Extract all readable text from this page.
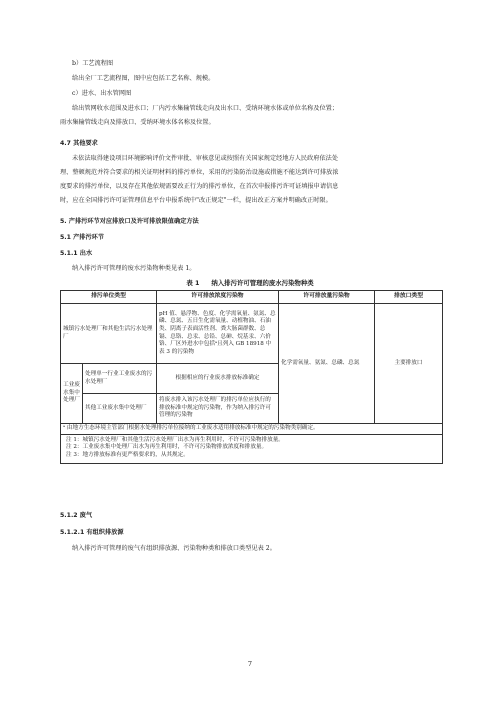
b）工艺流程图
给出全厂工艺流程图，图中应包括工艺名称、规模。
c）进水、出水管网图
给出管网收水范围及进水口；厂内污水集输管线走向及出水口、受纳环境水体或单位名称及位置；
雨水集输管线走向及排放口、受纳环境水体名称及位置。
4.7 其他要求
未依法取得建设项目环境影响评价文件审批、审核意见或按照有关国家规定经地方人民政府依法处
理、整顿规范并符合要求的相关证明材料的排污单位，采用的污染防治设施或措施不能达到许可排放浓
度要求的排污单位，以及存在其他依规需要改正行为的排污单位，在首次申报排污许可证填报申请信息
时，应在全国排污许可证管理信息平台申报系统中"改正规定"一栏，提出改正方案并明确改正时限。
5. 产排污环节对应排放口及许可排放限值确定方法
5.1 产排污环节
5.1.1 出水
纳入排污许可管理的废水污染物种类见表 1。
表 1 纳入排污许可管理的废水污染物种类
排污单位类型		许可排放浓度污染物	许可排放量污染物	排放口类型
城镇污水处理厂和其他生活污水处理厂		pH 值、悬浮物、色度、化学需氧量、氨氮、总磷、总氮、五日生化需氧量、动植物油、石油类、阴离子表面活性剂、粪大肠菌群数、总镉、总铬、总汞、总铅、总砷、烷基汞、六价铬、厂区外进水中包括ᵃ且列入 GB 18918 中表 3 的污染物	化学需氧量、氨氮、总磷、总氮	主要排放口
工业废水集中处理厂	处理单一行业工业废水的污水处理厂	根据相应的行业废水排放标准确定		
	其他工业废水集中处理厂	将废水排入该污水处理厂的排污单位应执行的排放标准中规定的污染物，作为纳入排污许可管理的污染物		
ᵃ 由地方生态环境主管部门根据水处理排污单位接纳的工业废水适用排放标准中规定的污染物类别确定。				

注 1：城镇污水处理厂和其他生活污水处理厂出水为再生利用时，不许可污染物排放量。
注 2：工业废水集中处理厂出水为再生利用时，不许可污染物排放浓度和排放量。
注 3：地方排放标准有更严格要求的，从其规定。				
5.1.2 废气
5.1.2.1 有组织排放源
纳入排污许可管理的废气有组织排放源、污染物种类和排放口类型见表 2。
7
